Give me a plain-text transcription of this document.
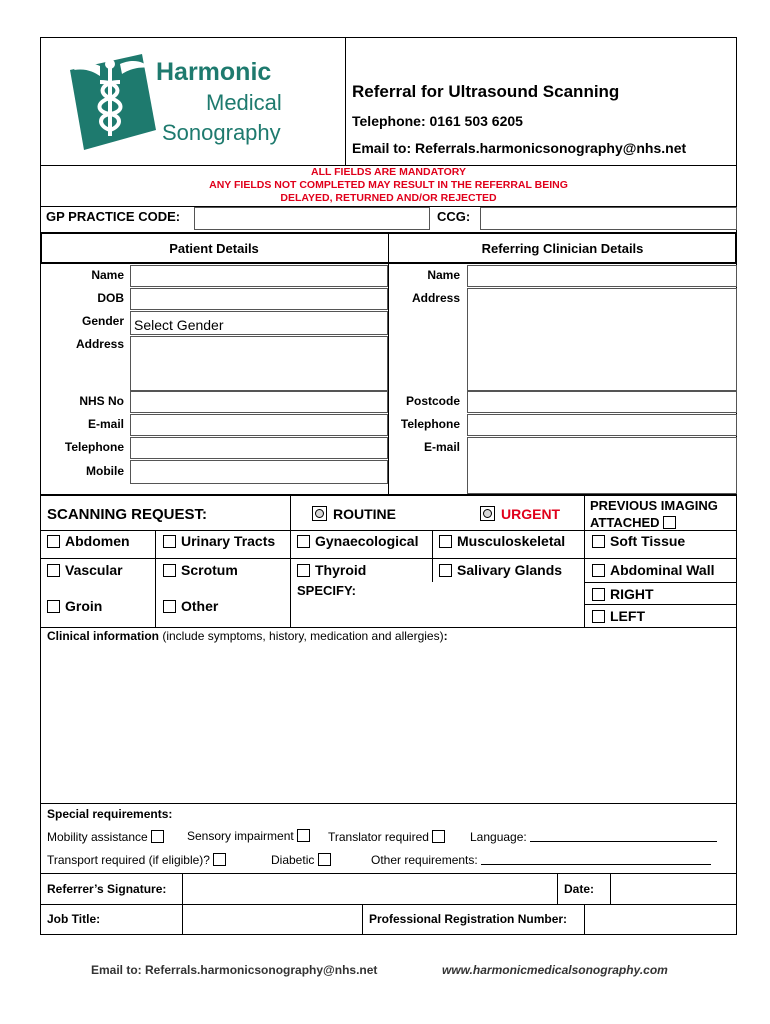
Harmonic
Medical
Sonography
Referral for Ultrasound Scanning
Telephone: 0161 503 6205
Email to: Referrals.harmonicsonography@nhs.net
ALL FIELDS ARE MANDATORY
ANY FIELDS NOT COMPLETED MAY RESULT IN THE REFERRAL BEING
DELAYED, RETURNED AND/OR REJECTED
GP PRACTICE CODE:	CCG:
Patient Details	Referring Clinician Details
Name
DOB
Gender Select Gender
Address
NHS No
E-mail
Telephone
Mobile
Name
Address
Postcode
Telephone
E-mail
SCANNING REQUEST:	ROUTINE	URGENT
PREVIOUS IMAGING
ATTACHED
Abdomen	Urinary Tracts	Gynaecological	Musculoskeletal	Soft Tissue
Vascular	Scrotum	Thyroid	Salivary Glands	Abdominal Wall
SPECIFY:	RIGHT
Groin	Other
LEFT
Clinical information (include symptoms, history, medication and allergies):
Special requirements:
Mobility assistance	Sensory impairment	Translator required	Language:
Transport required (if eligible)?	Diabetic	Other requirements:
Referrer’s Signature:	Date:
Job Title:	Professional Registration Number:
Email to: Referrals.harmonicsonography@nhs.net	www.harmonicmedicalsonography.com
